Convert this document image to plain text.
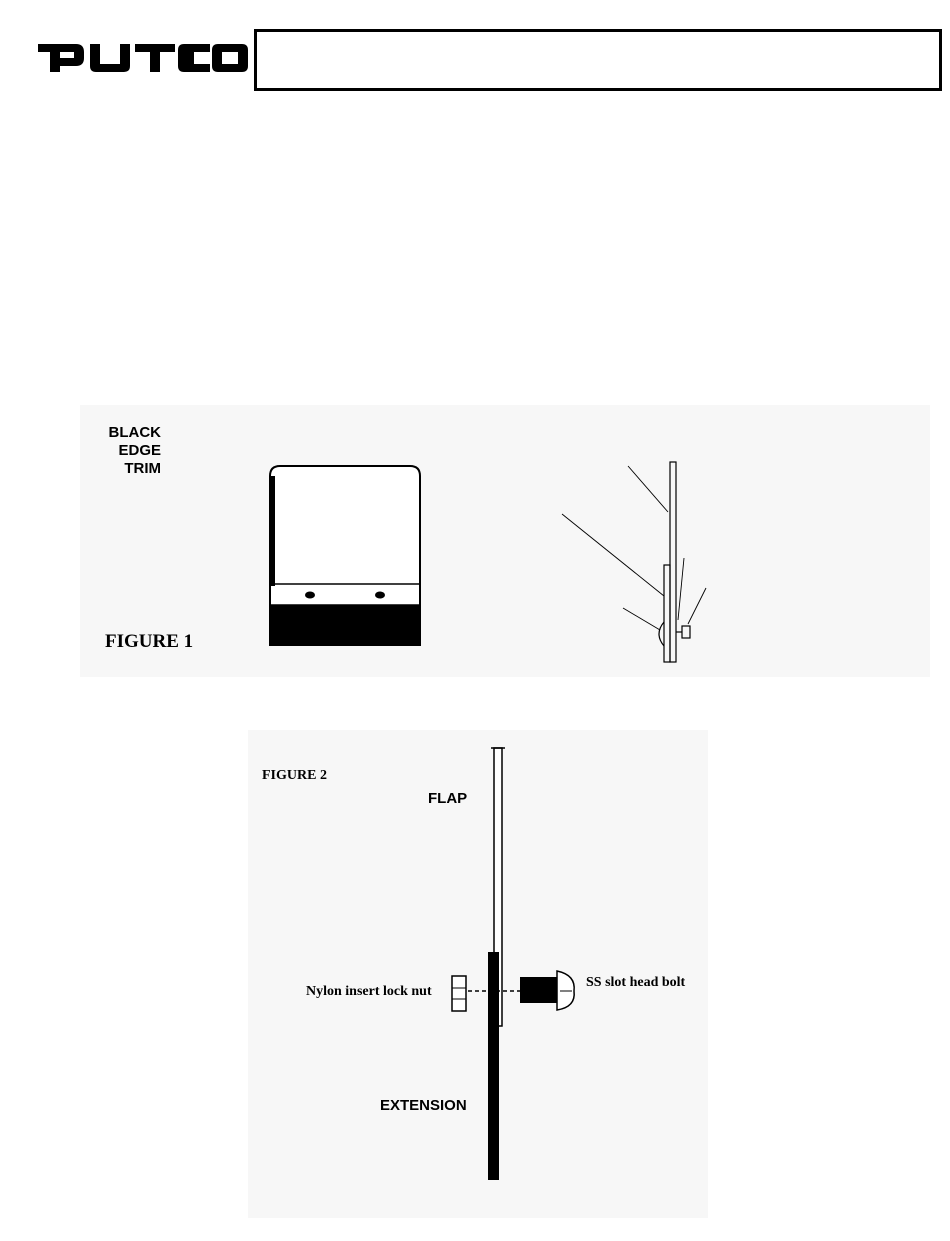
BLACK
EDGE
TRIM
FIGURE 1
FIGURE 2
FLAP
Nylon insert lock nut
SS slot head bolt
EXTENSION
